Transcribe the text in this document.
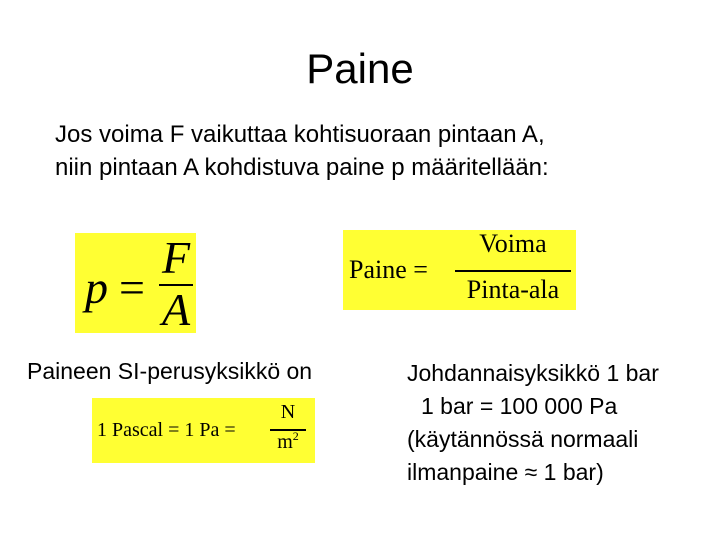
Paine
Jos voima F vaikuttaa kohtisuoraan pintaan A,
niin pintaan A kohdistuva paine p määritellään:
p =
F
A
Paine =
Voima
Pinta-ala
Paineen SI-perusyksikkö on
1 Pascal = 1 Pa =
N
$m^2$
Johdannaisyksikkö 1 bar
1 bar = 100 000 Pa
(käytännössä normaali
ilmanpaine ≈ 1 bar)
